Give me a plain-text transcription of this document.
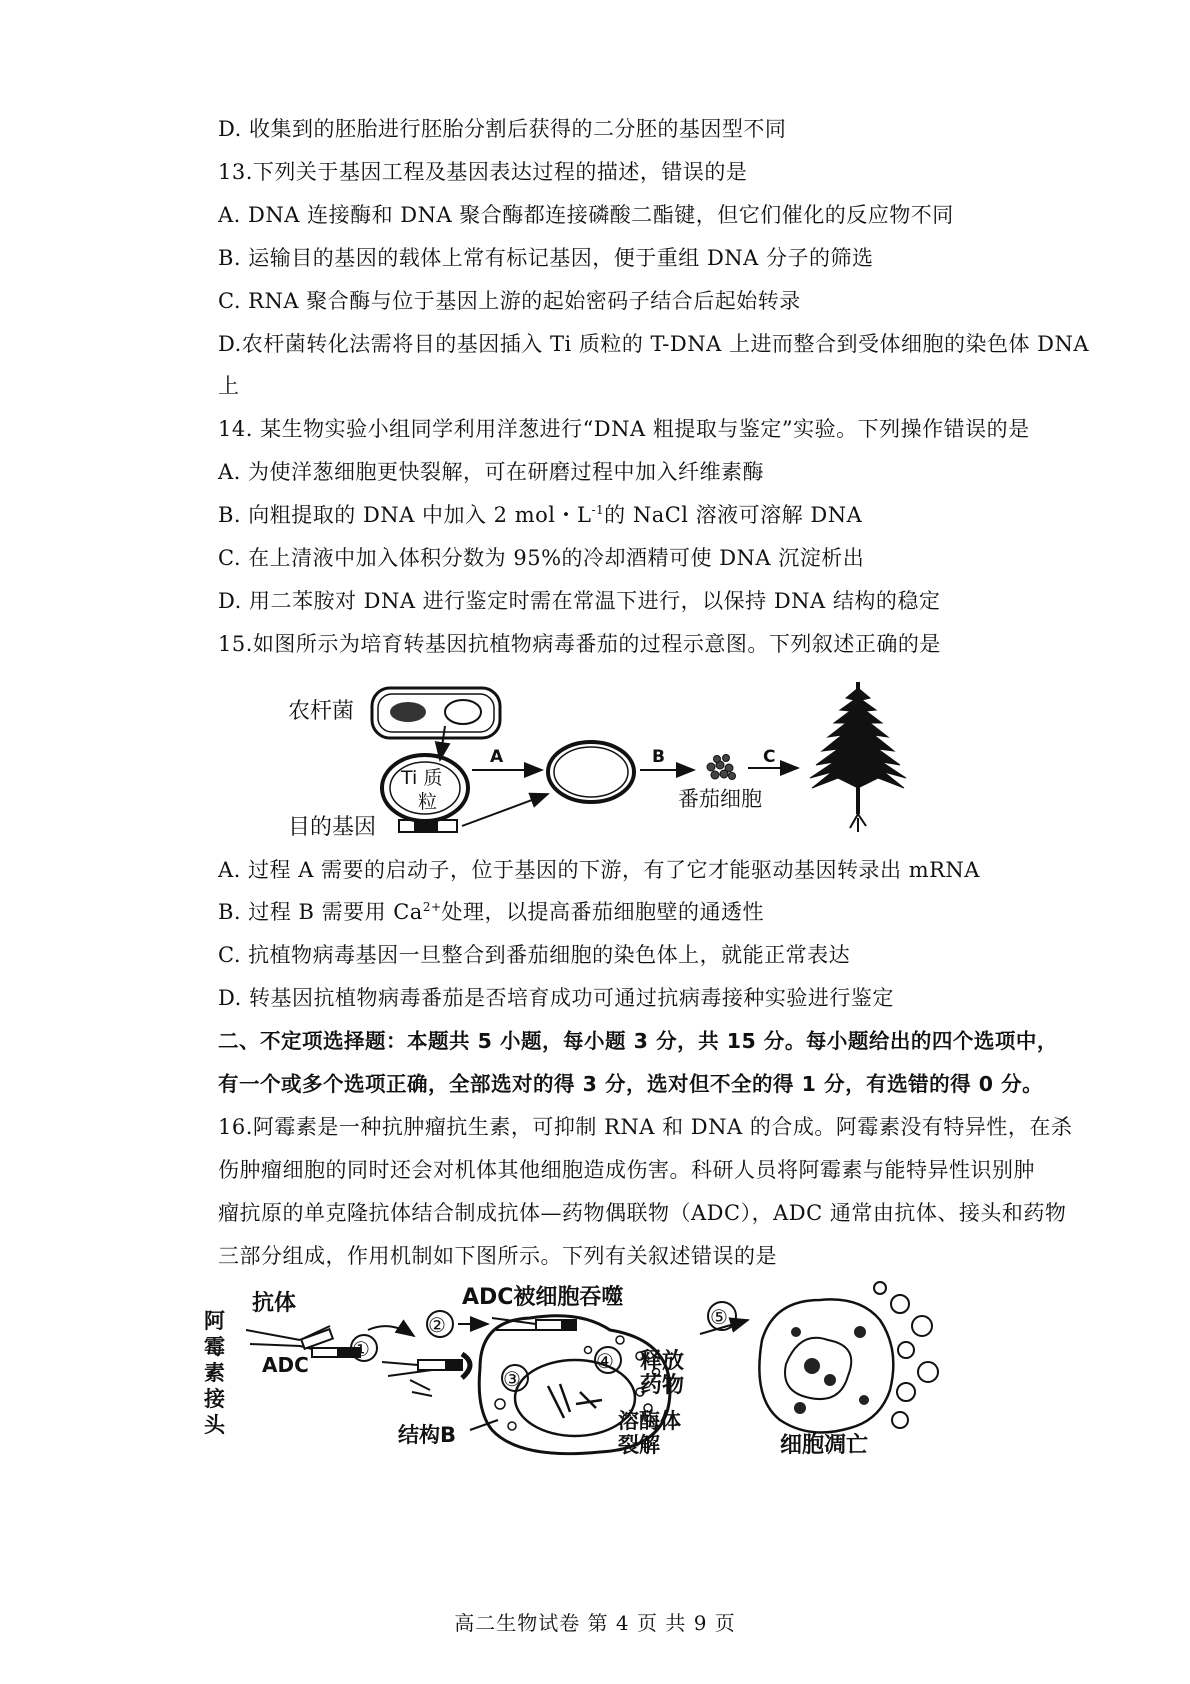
D. 收集到的胚胎进行胚胎分割后获得的二分胚的基因型不同
13.下列关于基因工程及基因表达过程的描述，错误的是
A. DNA 连接酶和 DNA 聚合酶都连接磷酸二酯键，但它们催化的反应物不同
B. 运输目的基因的载体上常有标记基因，便于重组 DNA 分子的筛选
C. RNA 聚合酶与位于基因上游的起始密码子结合后起始转录
D.农杆菌转化法需将目的基因插入 Ti 质粒的 T-DNA 上进而整合到受体细胞的染色体 DNA
上
14. 某生物实验小组同学利用洋葱进行“DNA 粗提取与鉴定”实验。下列操作错误的是
A. 为使洋葱细胞更快裂解，可在研磨过程中加入纤维素酶
B. 向粗提取的 DNA 中加入 2 mol・$L^{-1}$的 NaCl 溶液可溶解 DNA
C. 在上清液中加入体积分数为 95%的冷却酒精可使 DNA 沉淀析出
D. 用二苯胺对 DNA 进行鉴定时需在常温下进行，以保持 DNA 结构的稳定
15.如图所示为培育转基因抗植物病毒番茄的过程示意图。下列叙述正确的是
农杆菌
Ti 质
粒
目的基因
A	B
番茄细胞
C
A. 过程 A 需要的启动子，位于基因的下游，有了它才能驱动基因转录出 mRNA
B. 过程 B 需要用 $Ca^{2+}$处理，以提高番茄细胞壁的通透性
C. 抗植物病毒基因一旦整合到番茄细胞的染色体上，就能正常表达
D. 转基因抗植物病毒番茄是否培育成功可通过抗病毒接种实验进行鉴定
二、不定项选择题：本题共 5 小题，每小题 3 分，共 15 分。每小题给出的四个选项中，
有一个或多个选项正确，全部选对的得 3 分，选对但不全的得 1 分，有选错的得 0 分。
16.阿霉素是一种抗肿瘤抗生素，可抑制 RNA 和 DNA 的合成。阿霉素没有特异性，在杀
伤肿瘤细胞的同时还会对机体其他细胞造成伤害。科研人员将阿霉素与能特异性识别肿
瘤抗原的单克隆抗体结合制成抗体—药物偶联物（ADC），ADC 通常由抗体、接头和药物
三部分组成，作用机制如下图所示。下列有关叙述错误的是
抗体
阿
霉
素
接
头
ADC
①
ADC被细胞吞噬
②
③
④ 释放
药物
溶酶体
裂解
结构B
⑤
细胞凋亡
高二生物试卷 第 4 页 共 9 页
